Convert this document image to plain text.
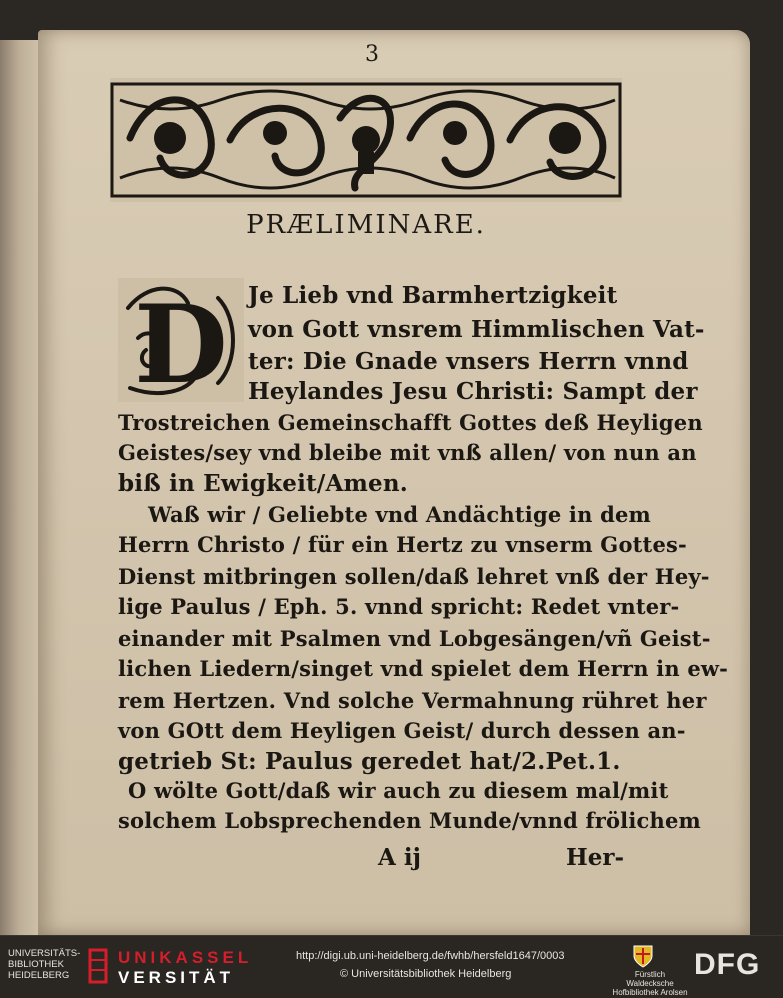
3
PRÆLIMINARE.
D Je Lieb vnd Barmhertzigkeit
von Gott vnsrem Himmlischen Vat-
ter: Die Gnade vnsers Herrn vnnd
Heylandes Jesu Christi: Sampt der
Trostreichen Gemeinschafft Gottes deß Heyligen
Geistes/sey vnd bleibe mit vnß allen/ von nun an
biß in Ewigkeit/Amen.
Waß wir / Geliebte vnd Andächtige in dem
Herrn Christo / für ein Hertz zu vnserm Gottes-
Dienst mitbringen sollen/daß lehret vnß der Hey-
lige Paulus / Eph. 5. vnnd spricht: Redet vnter-
einander mit Psalmen vnd Lobgesängen/vñ Geist-
lichen Liedern/singet vnd spielet dem Herrn in ew-
rem Hertzen. Vnd solche Vermahnung rühret her
von GOtt dem Heyligen Geist/ durch dessen an-
getrieb St: Paulus geredet hat/2.Pet.1.
O wölte Gott/daß wir auch zu diesem mal/mit
solchem Lobsprechenden Munde/vnnd frölichem
A ij	Her-
UNIVERSITÄTS-
BIBLIOTHEK
HEIDELBERG
UNIKASSEL
VERSITÄT
http://digi.ub.uni-heidelberg.de/fwhb/hersfeld1647/0003
© Universitätsbibliothek Heidelberg	Fürstlich Waldecksche
Hofbibliothek Arolsen
DFG
